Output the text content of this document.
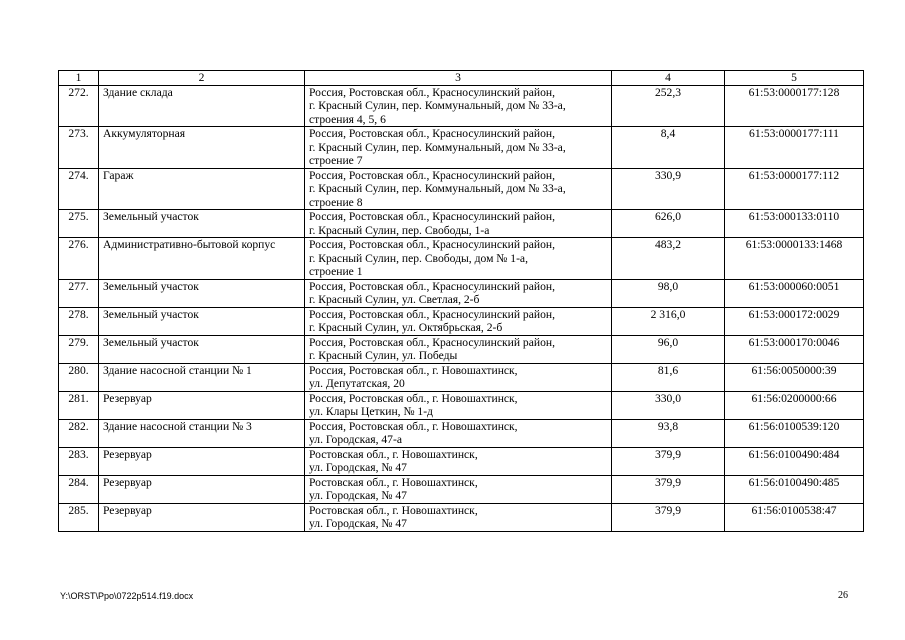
1	2	3	4	5
272.	Здание склада	Россия, Ростовская обл., Красносулинский район,
г. Красный Сулин, пер. Коммунальный, дом № 33-а,
строения 4, 5, 6	252,3	61:53:0000177:128
273.	Аккумуляторная	Россия, Ростовская обл., Красносулинский район,
г. Красный Сулин, пер. Коммунальный, дом № 33-а,
строение 7	8,4	61:53:0000177:111
274.	Гараж	Россия, Ростовская обл., Красносулинский район,
г. Красный Сулин, пер. Коммунальный, дом № 33-а,
строение 8	330,9	61:53:0000177:112
275.	Земельный участок	Россия, Ростовская обл., Красносулинский район,
г. Красный Сулин, пер. Свободы, 1-а	626,0	61:53:000133:0110
276.	Административно-бытовой корпус	Россия, Ростовская обл., Красносулинский район,
г. Красный Сулин, пер. Свободы, дом № 1-а,
строение 1	483,2	61:53:0000133:1468
277.	Земельный участок	Россия, Ростовская обл., Красносулинский район,
г. Красный Сулин, ул. Светлая, 2-б	98,0	61:53:000060:0051
278.	Земельный участок	Россия, Ростовская обл., Красносулинский район,
г. Красный Сулин, ул. Октябрьская, 2-б	2 316,0	61:53:000172:0029
279.	Земельный участок	Россия, Ростовская обл., Красносулинский район,
г. Красный Сулин, ул. Победы	96,0	61:53:000170:0046
280.	Здание насосной станции № 1	Россия, Ростовская обл., г. Новошахтинск,
ул. Депутатская, 20	81,6	61:56:0050000:39
281.	Резервуар	Россия, Ростовская обл., г. Новошахтинск,
ул. Клары Цеткин, № 1-д	330,0	61:56:0200000:66
282.	Здание насосной станции № 3	Россия, Ростовская обл., г. Новошахтинск,
ул. Городская, 47-а	93,8	61:56:0100539:120
283.	Резервуар	Ростовская обл., г. Новошахтинск,
ул. Городская, № 47	379,9	61:56:0100490:484
284.	Резервуар	Ростовская обл., г. Новошахтинск,
ул. Городская, № 47	379,9	61:56:0100490:485
285.	Резервуар	Ростовская обл., г. Новошахтинск,
ул. Городская, № 47	379,9	61:56:0100538:47
Y:\ORST\Ppo\0722p514.f19.docx	26
